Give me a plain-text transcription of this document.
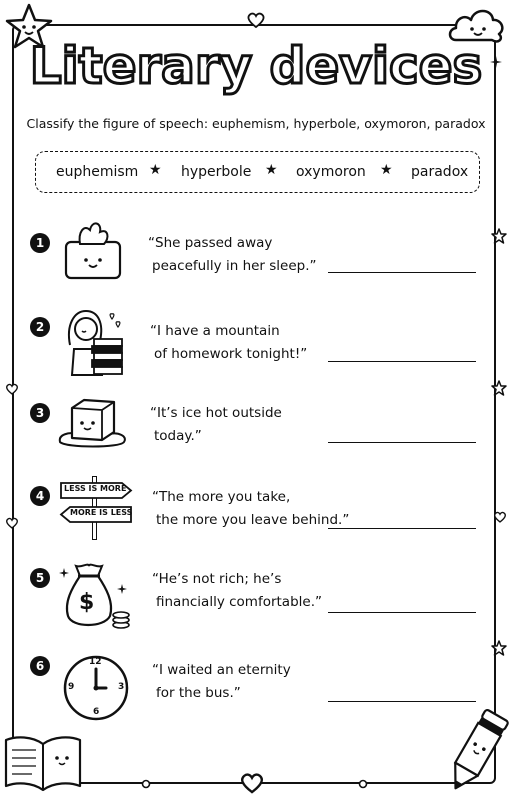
Literary devices
Classify the figure of speech: euphemism, hyperbole, oxymoron, paradox
euphemism ★ hyperbole ★ oxymoron ★ paradox
1	“She passed away
peacefully in her sleep.”
2	“I have a mountain
of homework tonight!”
3	“It’s ice hot outside
today.”
4
LESS IS MORE
MORE IS LESS
“The more you take,
the more you leave behind.”
5
$
“He’s not rich; he’s
financially comfortable.”
6	12
3
6
9
“I waited an eternity
for the bus.”
